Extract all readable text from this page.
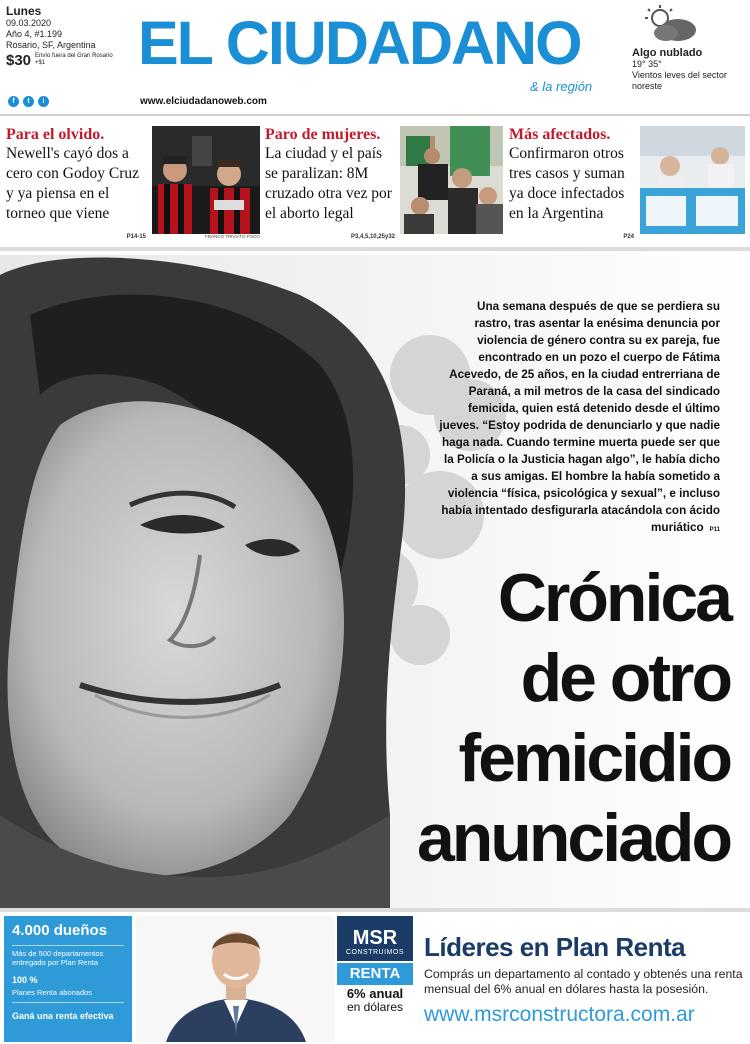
Lunes
09.03.2020
Año 4, #1.199
Rosario, SF, Argentina
$30 Envío fuera del Gran Rosario +$1
f	t	i
EL CIUDADANO
& la región
www.elciudadanoweb.com
Algo nublado
19° 35°
Vientos leves del sector noreste
Para el olvido.
Newell's cayó dos a cero con Godoy Cruz y ya piensa en el torneo que viene
P14-15	FRANCO TRIVIATO FOCO
Paro de mujeres.
La ciudad y el país se paralizan: 8M cruzado otra vez por el aborto legal
P3,4,5,10,25y32
Más afectados.
Confirmaron otros tres casos y suman ya doce infectados en la Argentina
P24
Una semana después de que se perdiera su rastro, tras asentar la enésima denuncia por violencia de género contra su ex pareja, fue encontrado en un pozo el cuerpo de Fátima Acevedo, de 25 años, en la ciudad entrerriana de Paraná, a mil metros de la casa del sindicado femicida, quien está detenido desde el último jueves. “Estoy podrida de denunciarlo y que nadie haga nada. Cuando termine muerta puede ser que la Policía o la Justicia hagan algo”, le había dicho a sus amigas. El hombre la había sometido a violencia “física, psicológica y sexual”, e incluso había intentado desfigurarla atacándola con ácido muriático P11
Crónica
de otro
femicidio
anunciado
4.000 dueños
Más de 500 departamentos entregado por Plan Renta
100 %
Planes Renta abonados
Ganá una renta efectiva
MSR
CONSTRUIMOS
RENTA
6% anual
en dólares
Líderes en Plan Renta
Comprás un departamento al contado y obtenés una renta mensual del 6% anual en dólares hasta la posesión.
www.msrconstructora.com.ar
